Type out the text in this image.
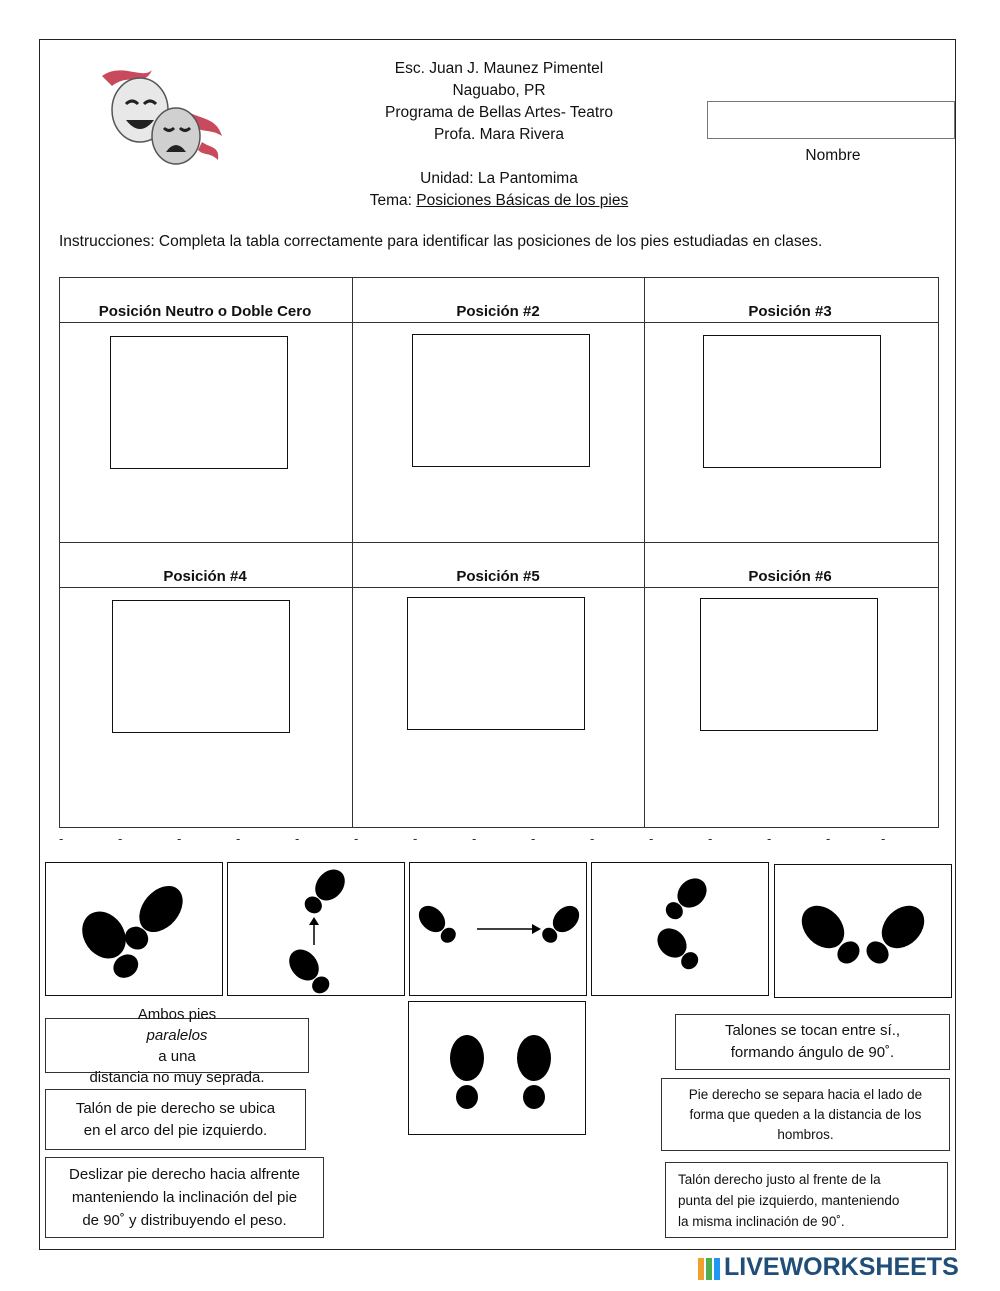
Esc. Juan J. Maunez Pimentel
Naguabo, PR
Programa de Bellas Artes- Teatro
Profa. Mara Rivera
Unidad: La Pantomima
Tema: Posiciones Básicas de los pies
Nombre
Instrucciones: Completa la tabla correctamente para identificar las posiciones de los pies estudiadas en clases.
Posición Neutro o Doble Cero	Posición #2	Posición #3
Posición #4	Posición #5	Posición #6
-	-	-	-	-	-	-	-	-	-	-	-	-	-	-
Ambos pies
paralelos
a una
distancia no muy seprada.
Talón de pie derecho se ubica
en el arco del pie izquierdo.
Deslizar pie derecho hacia alfrente
manteniendo la inclinación del pie
de 90˚ y distribuyendo el peso.
Talones se tocan entre sí.,
formando ángulo de 90˚.
Pie derecho se separa hacia el lado de
forma que queden a la distancia de los
hombros.
Talón derecho justo al frente de la
punta del pie izquierdo, manteniendo
la misma inclinación de 90˚.
LIVEWORKSHEETS
